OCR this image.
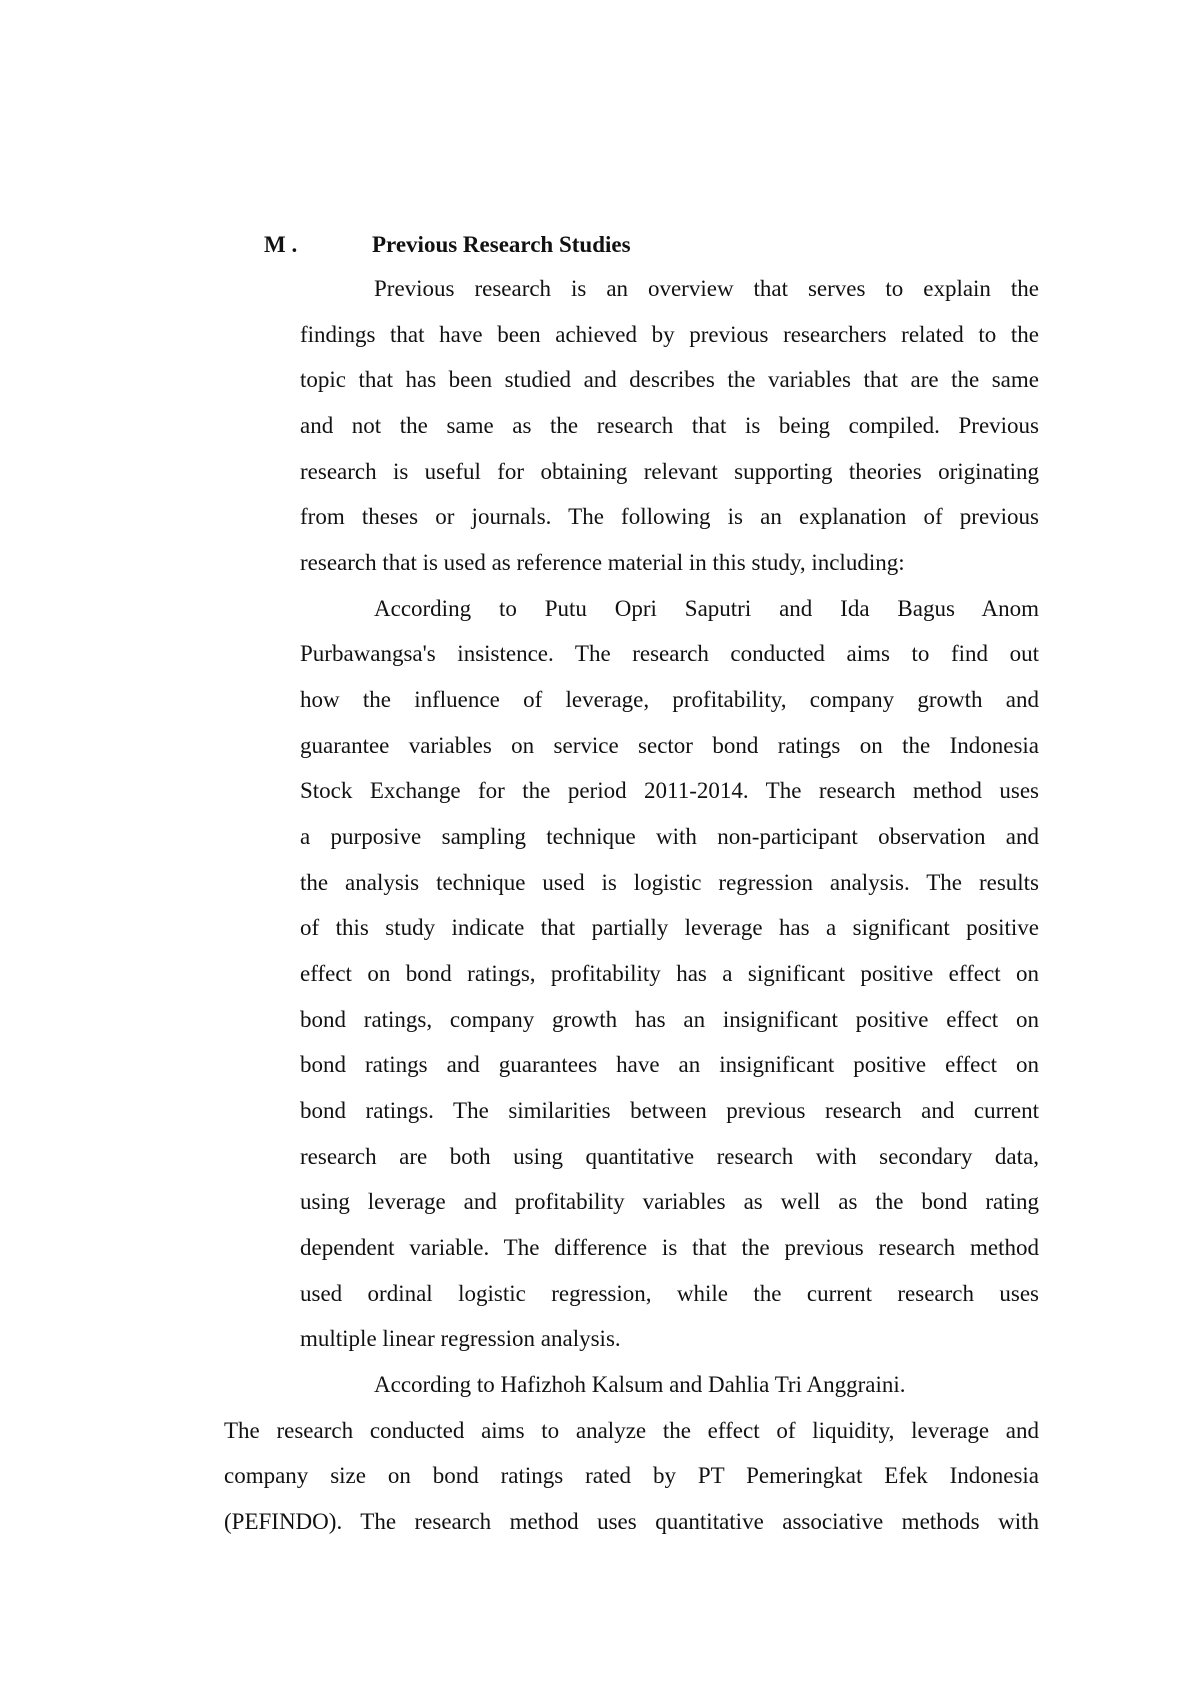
M .	Previous Research Studies
Previous research is an overview that serves to explain the
findings that have been achieved by previous researchers related to the
topic that has been studied and describes the variables that are the same
and not the same as the research that is being compiled. Previous
research is useful for obtaining relevant supporting theories originating
from theses or journals. The following is an explanation of previous
research that is used as reference material in this study, including:
According to Putu Opri Saputri and Ida Bagus Anom
Purbawangsa's insistence. The research conducted aims to find out
how the influence of leverage, profitability, company growth and
guarantee variables on service sector bond ratings on the Indonesia
Stock Exchange for the period 2011-2014. The research method uses
a purposive sampling technique with non-participant observation and
the analysis technique used is logistic regression analysis. The results
of this study indicate that partially leverage has a significant positive
effect on bond ratings, profitability has a significant positive effect on
bond ratings, company growth has an insignificant positive effect on
bond ratings and guarantees have an insignificant positive effect on
bond ratings. The similarities between previous research and current
research are both using quantitative research with secondary data,
using leverage and profitability variables as well as the bond rating
dependent variable. The difference is that the previous research method
used ordinal logistic regression, while the current research uses
multiple linear regression analysis.
According to Hafizhoh Kalsum and Dahlia Tri Anggraini.
The research conducted aims to analyze the effect of liquidity, leverage and
company size on bond ratings rated by PT Pemeringkat Efek Indonesia
(PEFINDO). The research method uses quantitative associative methods with
